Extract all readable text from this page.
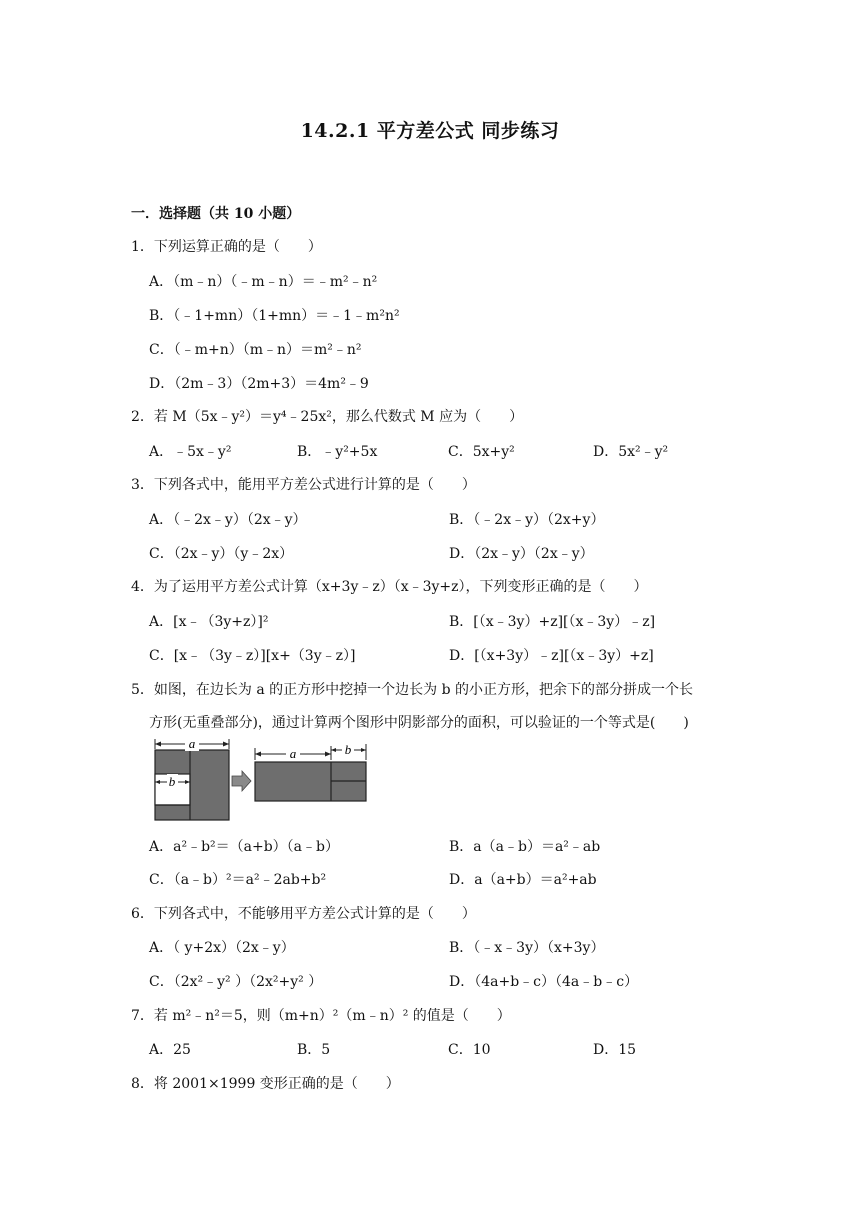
14.2.1 平方差公式 同步练习
一．选择题（共 10 小题）
1．下列运算正确的是（　　）
A．（m﹣n）（﹣m﹣n）＝﹣m²﹣n²
B．（﹣1+mn）（1+mn）＝﹣1﹣m²n²
C．（﹣m+n）（m﹣n）＝m²﹣n²
D．（2m﹣3）（2m+3）＝4m²﹣9
2．若 M（5x﹣y²）＝y⁴﹣25x²，那么代数式 M 应为（　　）
A．﹣5x﹣y²	B．﹣y²+5x	C．5x+y²	D．5x²﹣y²
3．下列各式中，能用平方差公式进行计算的是（　　）
A．（﹣2x﹣y）（2x﹣y）	B．（﹣2x﹣y）（2x+y）
C．（2x﹣y）（y﹣2x）	D．（2x﹣y）（2x﹣y）
4．为了运用平方差公式计算（x+3y﹣z）（x﹣3y+z），下列变形正确的是（　　）
A．[x﹣（3y+z）]²	B．[（x﹣3y）+z][（x﹣3y）﹣z]
C．[x﹣（3y﹣z）][x+（3y﹣z）]	D．[（x+3y）﹣z][（x﹣3y）+z]
5．如图，在边长为 a 的正方形中挖掉一个边长为 b 的小正方形，把余下的部分拼成一个长
方形(无重叠部分)，通过计算两个图形中阴影部分的面积，可以验证的一个等式是(　　)
a
b
a	b
A．a²﹣b²＝（a+b）（a﹣b）	B．a（a﹣b）＝a²﹣ab
C．（a﹣b）²＝a²﹣2ab+b²	D．a（a+b）＝a²+ab
6．下列各式中，不能够用平方差公式计算的是（　　）
A．（ y+2x）（2x﹣y）	B．（﹣x﹣3y）（x+3y）
C．（2x²﹣y² ）（2x²+y² ）	D．（4a+b﹣c）（4a﹣b﹣c）
7．若 m²﹣n²＝5，则（m+n）²（m﹣n）² 的值是（　　）
A．25	B．5	C．10	D．15
8．将 2001×1999 变形正确的是（　　）
